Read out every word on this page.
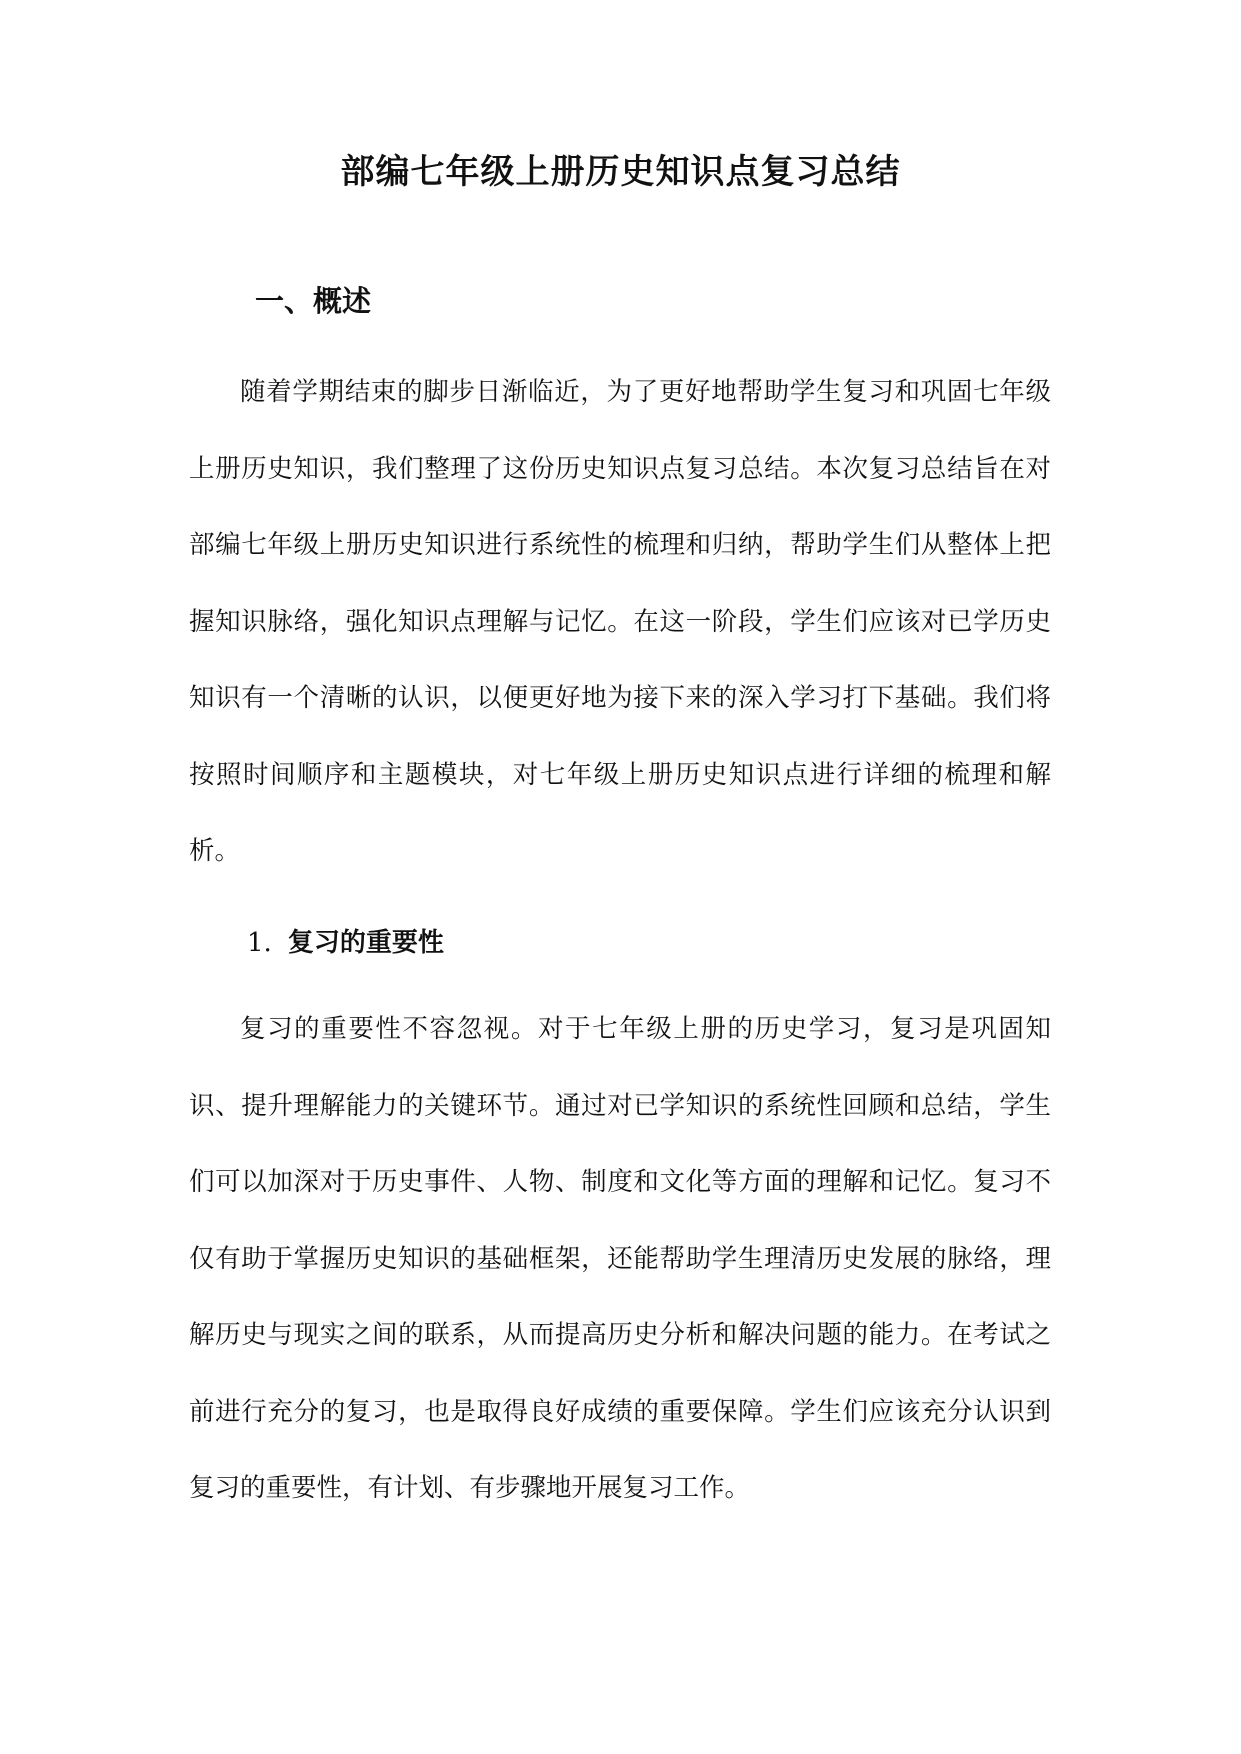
部编七年级上册历史知识点复习总结
一、概述

随着学期结束的脚步日渐临近，为了更好地帮助学生复习和巩固七年级上册历史知识，我们整理了这份历史知识点复习总结。本次复习总结旨在对部编七年级上册历史知识进行系统性的梳理和归纳，帮助学生们从整体上把握知识脉络，强化知识点理解与记忆。在这一阶段，学生们应该对已学历史知识有一个清晰的认识，以便更好地为接下来的深入学习打下基础。我们将按照时间顺序和主题模块，对七年级上册历史知识点进行详细的梳理和解析。

1. 复习的重要性

复习的重要性不容忽视。对于七年级上册的历史学习，复习是巩固知识、提升理解能力的关键环节。通过对已学知识的系统性回顾和总结，学生们可以加深对于历史事件、人物、制度和文化等方面的理解和记忆。复习不仅有助于掌握历史知识的基础框架，还能帮助学生理清历史发展的脉络，理解历史与现实之间的联系，从而提高历史分析和解决问题的能力。在考试之前进行充分的复习，也是取得良好成绩的重要保障。学生们应该充分认识到复习的重要性，有计划、有步骤地开展复习工作。
